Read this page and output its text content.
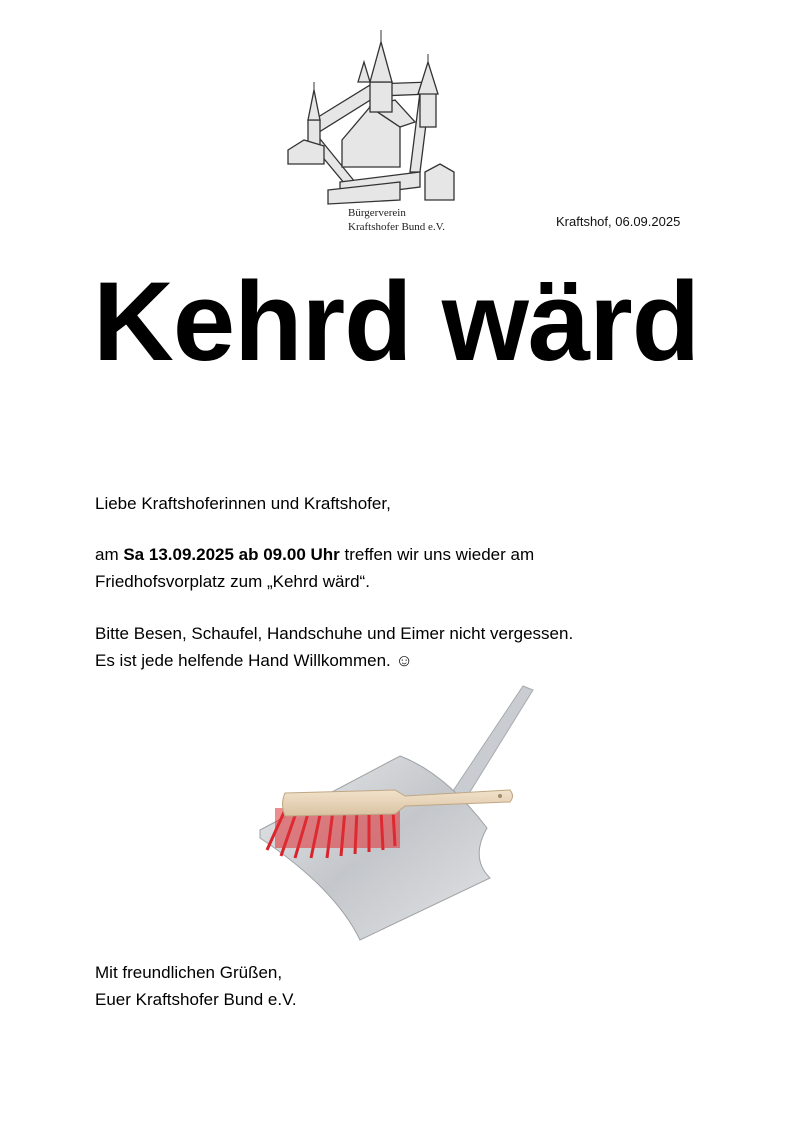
Bürgerverein
Kraftshofer Bund e.V.	Kraftshof, 06.09.2025
Kehrd wärd

Liebe Kraftshoferinnen und Kraftshofer,

am Sa 13.09.2025 ab 09.00 Uhr treffen wir uns wieder am
Friedhofsvorplatz zum „Kehrd wärd“.
Bitte Besen, Schaufel, Handschuhe und Eimer nicht vergessen.
Es ist jede helfende Hand Willkommen. ☺
Mit freundlichen Grüßen,
Euer Kraftshofer Bund e.V.
